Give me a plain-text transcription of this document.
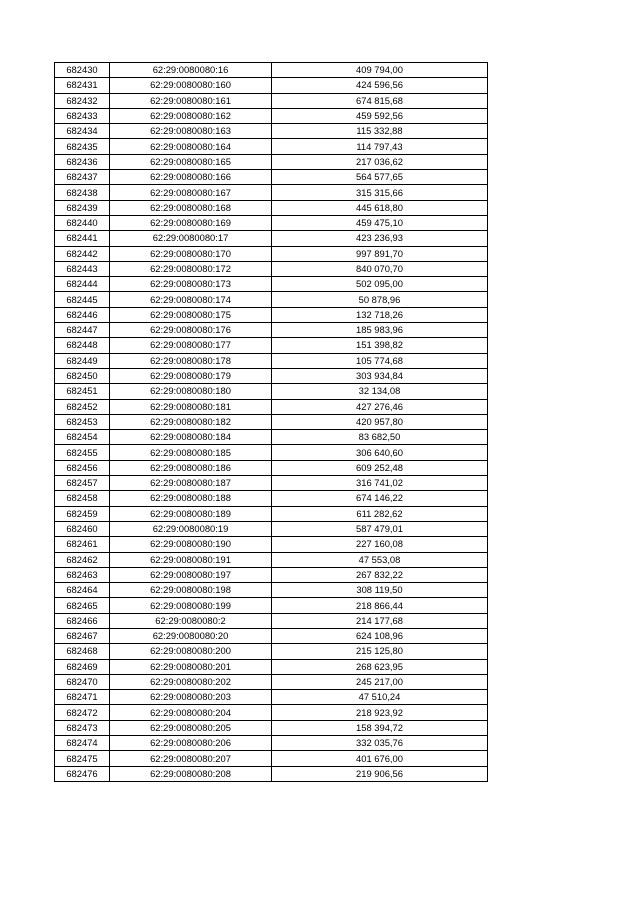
682430	62:29:0080080:16	409 794,00
682431	62:29:0080080:160	424 596,56
682432	62:29:0080080:161	674 815,68
682433	62:29:0080080:162	459 592,56
682434	62:29:0080080:163	115 332,88
682435	62:29:0080080:164	114 797,43
682436	62:29:0080080:165	217 036,62
682437	62:29:0080080:166	564 577,65
682438	62:29:0080080:167	315 315,66
682439	62:29:0080080:168	445 618,80
682440	62:29:0080080:169	459 475,10
682441	62:29:0080080:17	423 236,93
682442	62:29:0080080:170	997 891,70
682443	62:29:0080080:172	840 070,70
682444	62:29:0080080:173	502 095,00
682445	62:29:0080080:174	50 878,96
682446	62:29:0080080:175	132 718,26
682447	62:29:0080080:176	185 983,96
682448	62:29:0080080:177	151 398,82
682449	62:29:0080080:178	105 774,68
682450	62:29:0080080:179	303 934,84
682451	62:29:0080080:180	32 134,08
682452	62:29:0080080:181	427 276,46
682453	62:29:0080080:182	420 957,80
682454	62:29:0080080:184	83 682,50
682455	62:29:0080080:185	306 640,60
682456	62:29:0080080:186	609 252,48
682457	62:29:0080080:187	316 741,02
682458	62:29:0080080:188	674 146,22
682459	62:29:0080080:189	611 282,62
682460	62:29:0080080:19	587 479,01
682461	62:29:0080080:190	227 160,08
682462	62:29:0080080:191	47 553,08
682463	62:29:0080080:197	267 832,22
682464	62:29:0080080:198	308 119,50
682465	62:29:0080080:199	218 866,44
682466	62:29:0080080:2	214 177,68
682467	62:29:0080080:20	624 108,96
682468	62:29:0080080:200	215 125,80
682469	62:29:0080080:201	268 623,95
682470	62:29:0080080:202	245 217,00
682471	62:29:0080080:203	47 510,24
682472	62:29:0080080:204	218 923,92
682473	62:29:0080080:205	158 394,72
682474	62:29:0080080:206	332 035,76
682475	62:29:0080080:207	401 676,00
682476	62:29:0080080:208	219 906,56
